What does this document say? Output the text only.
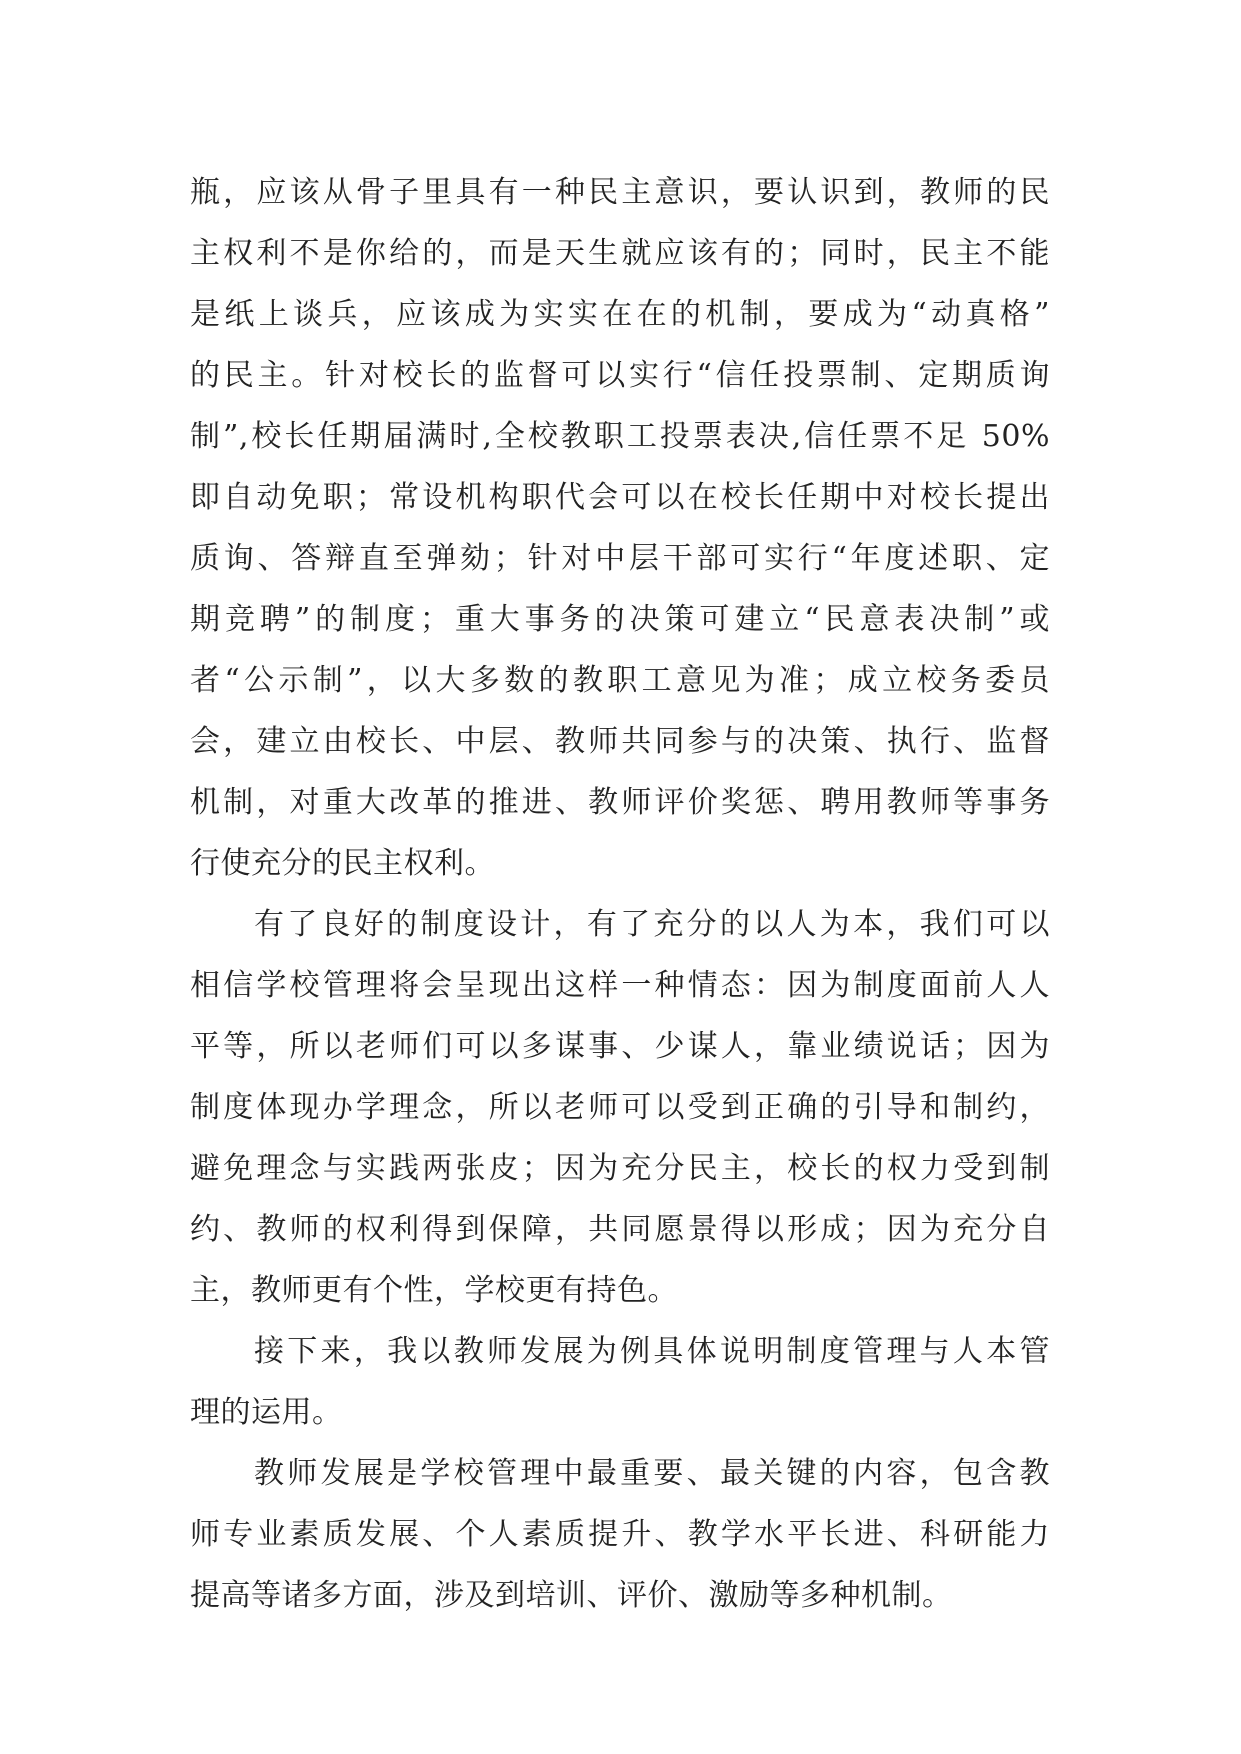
瓶，应该从骨子里具有一种民主意识，要认识到，教师的民
主权利不是你给的，而是天生就应该有的；同时，民主不能
是纸上谈兵，应该成为实实在在的机制，要成为“动真格”
的民主。针对校长的监督可以实行“信任投票制、定期质询
制”,校长任期届满时,全校教职工投票表决,信任票不足 50%
即自动免职；常设机构职代会可以在校长任期中对校长提出
质询、答辩直至弹劾；针对中层干部可实行“年度述职、定
期竞聘”的制度；重大事务的决策可建立“民意表决制”或
者“公示制”，以大多数的教职工意见为准；成立校务委员
会，建立由校长、中层、教师共同参与的决策、执行、监督
机制，对重大改革的推进、教师评价奖惩、聘用教师等事务
行使充分的民主权利。
有了良好的制度设计，有了充分的以人为本，我们可以
相信学校管理将会呈现出这样一种情态：因为制度面前人人
平等，所以老师们可以多谋事、少谋人，靠业绩说话；因为
制度体现办学理念，所以老师可以受到正确的引导和制约，
避免理念与实践两张皮；因为充分民主，校长的权力受到制
约、教师的权利得到保障，共同愿景得以形成；因为充分自
主，教师更有个性，学校更有持色。
接下来，我以教师发展为例具体说明制度管理与人本管
理的运用。
教师发展是学校管理中最重要、最关键的内容，包含教
师专业素质发展、个人素质提升、教学水平长进、科研能力
提高等诸多方面，涉及到培训、评价、激励等多种机制。
